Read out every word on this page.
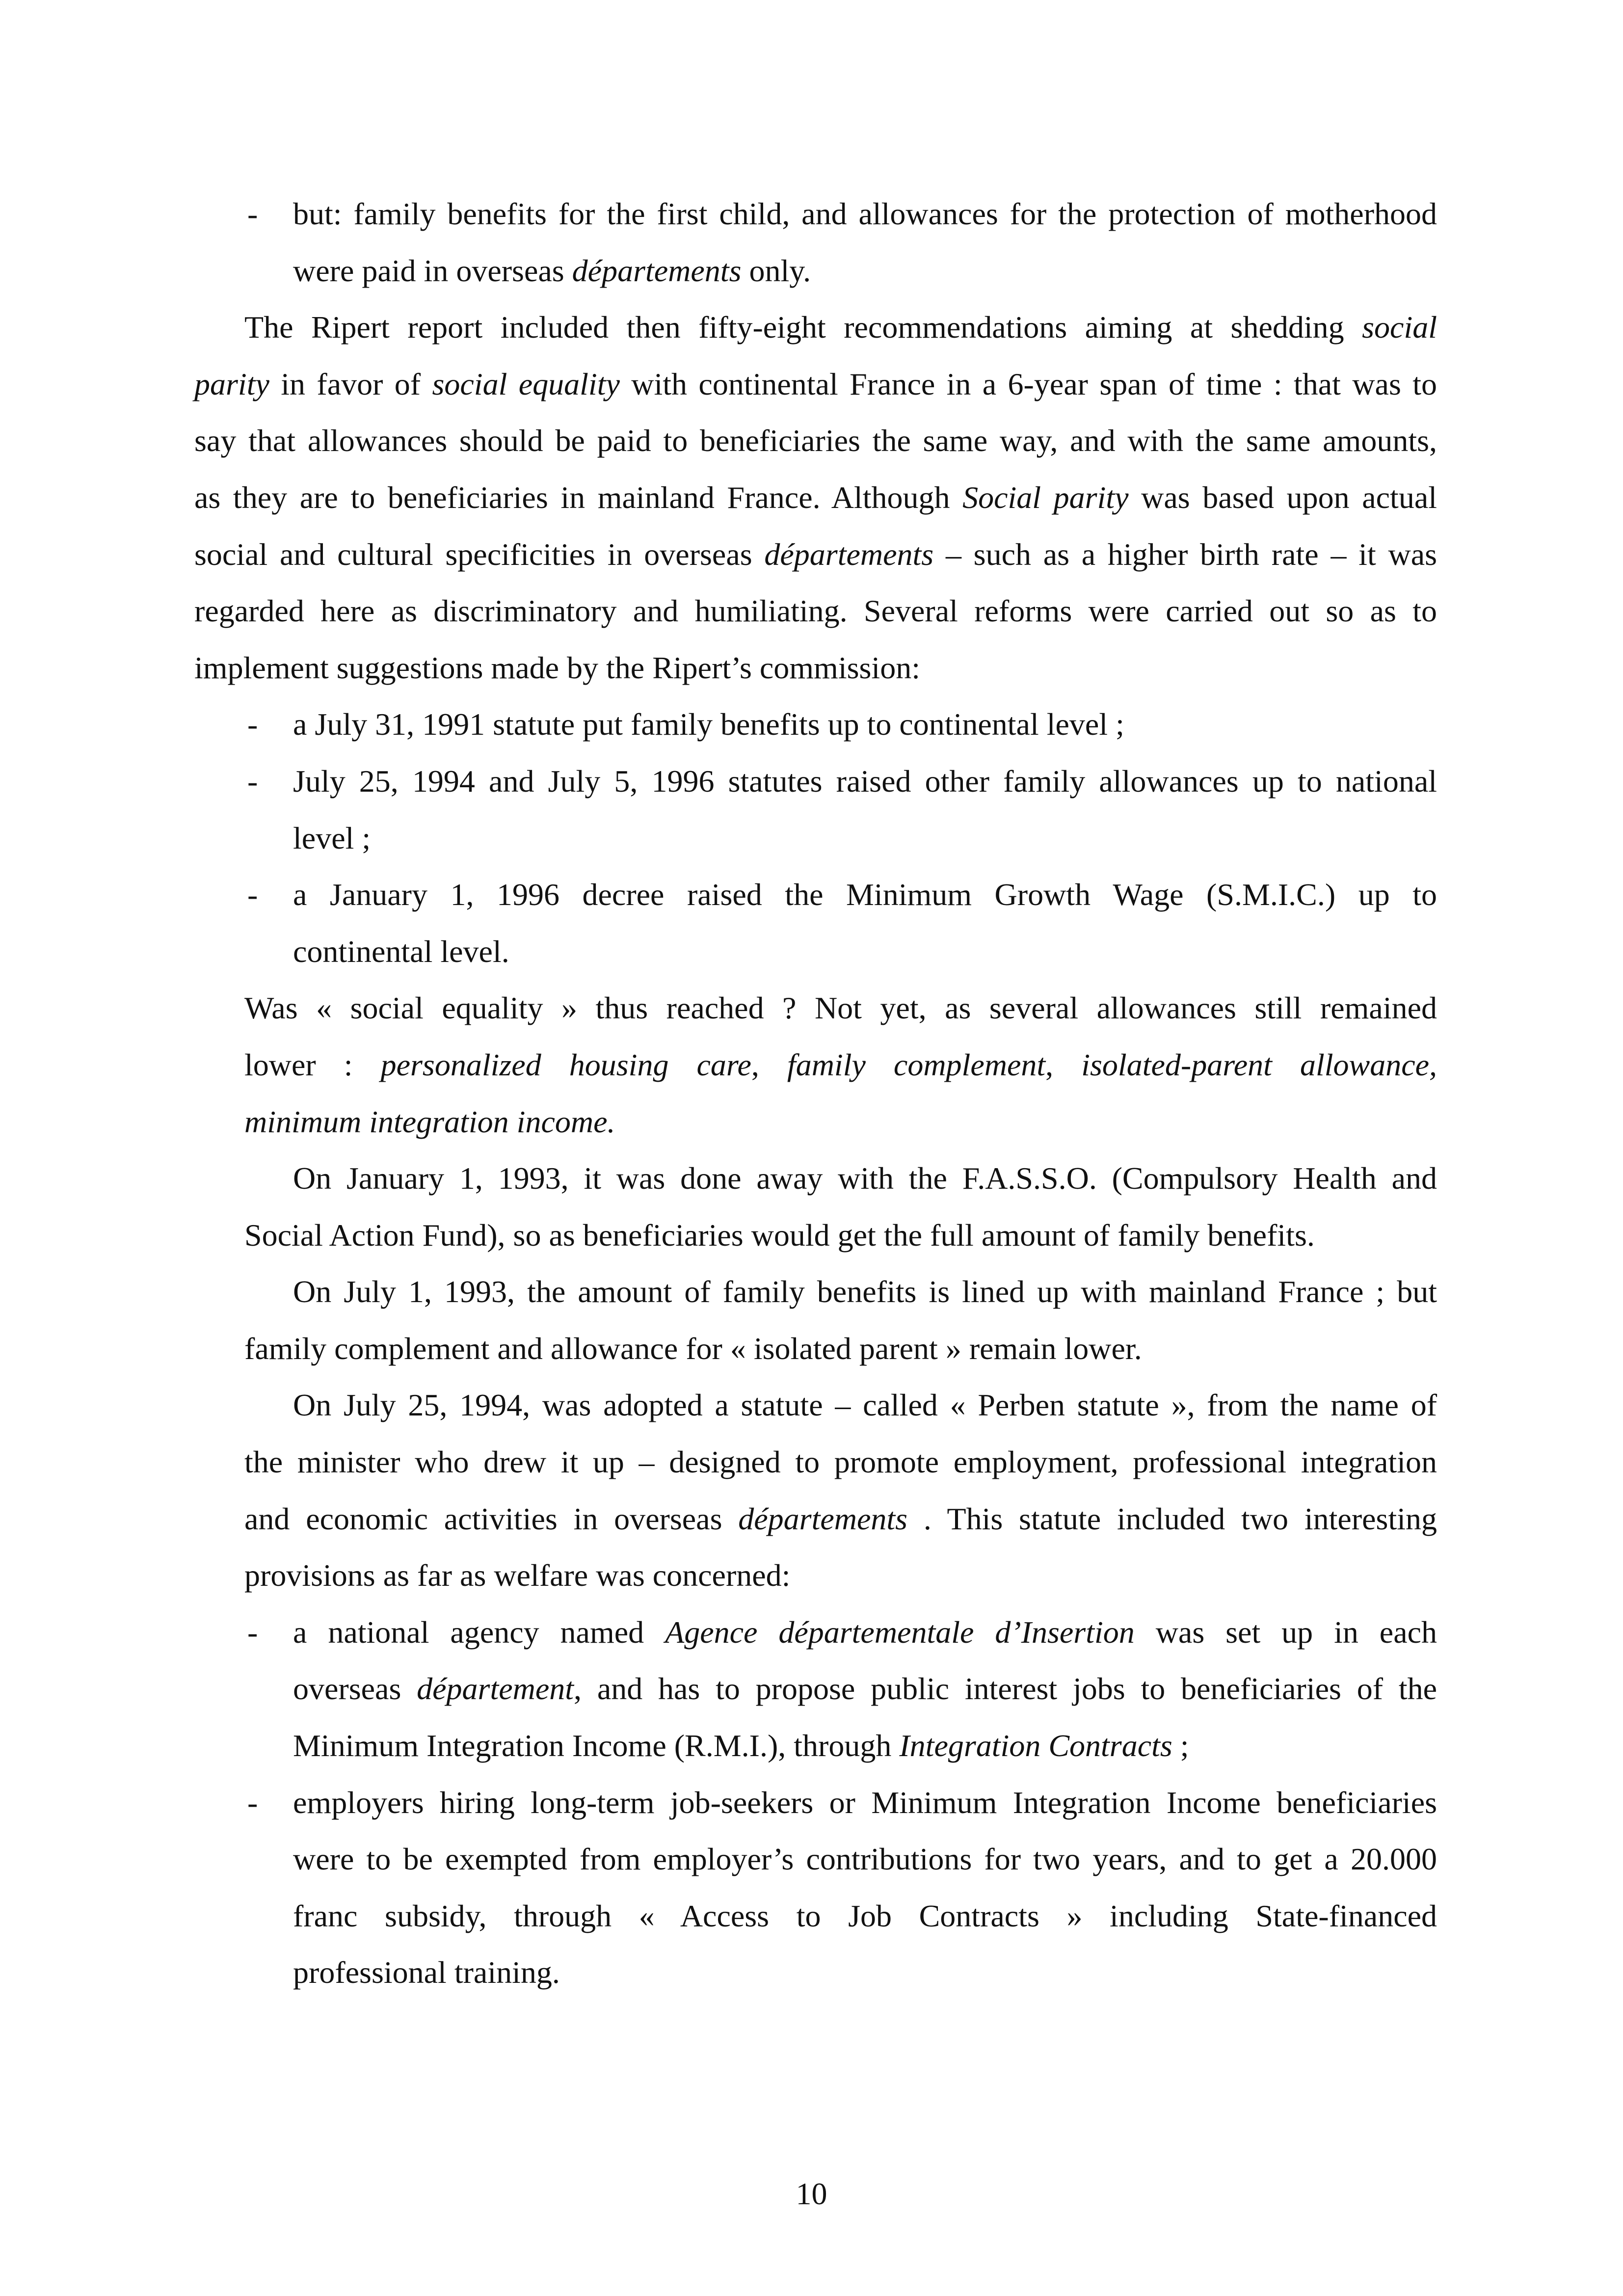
- but: family benefits for the first child, and allowances for the protection of motherhood
were paid in overseas départements only.
The Ripert report included then fifty-eight recommendations aiming at shedding social
parity in favor of social equality with continental France in a 6-year span of time : that was to
say that allowances should be paid to beneficiaries the same way, and with the same amounts,
as they are to beneficiaries in mainland France. Although Social parity was based upon actual
social and cultural specificities in overseas départements – such as a higher birth rate – it was
regarded here as discriminatory and humiliating. Several reforms were carried out so as to
implement suggestions made by the Ripert’s commission:
- a July 31, 1991 statute put family benefits up to continental level ;
- July 25, 1994 and July 5, 1996 statutes raised other family allowances up to national
level ;
- a January 1, 1996 decree raised the Minimum Growth Wage (S.M.I.C.) up to
continental level.
Was « social equality » thus reached ? Not yet, as several allowances still remained
lower : personalized housing care, family complement, isolated-parent allowance,
minimum integration income.
On January 1, 1993, it was done away with the F.A.S.S.O. (Compulsory Health and
Social Action Fund), so as beneficiaries would get the full amount of family benefits.
On July 1, 1993, the amount of family benefits is lined up with mainland France ; but
family complement and allowance for « isolated parent » remain lower.
On July 25, 1994, was adopted a statute – called « Perben statute », from the name of
the minister who drew it up – designed to promote employment, professional integration
and economic activities in overseas départements . This statute included two interesting
provisions as far as welfare was concerned:
- a national agency named Agence départementale d’Insertion was set up in each
overseas département, and has to propose public interest jobs to beneficiaries of the
Minimum Integration Income (R.M.I.), through Integration Contracts ;
- employers hiring long-term job-seekers or Minimum Integration Income beneficiaries
were to be exempted from employer’s contributions for two years, and to get a 20.000
franc subsidy, through « Access to Job Contracts » including State-financed
professional training.
10
